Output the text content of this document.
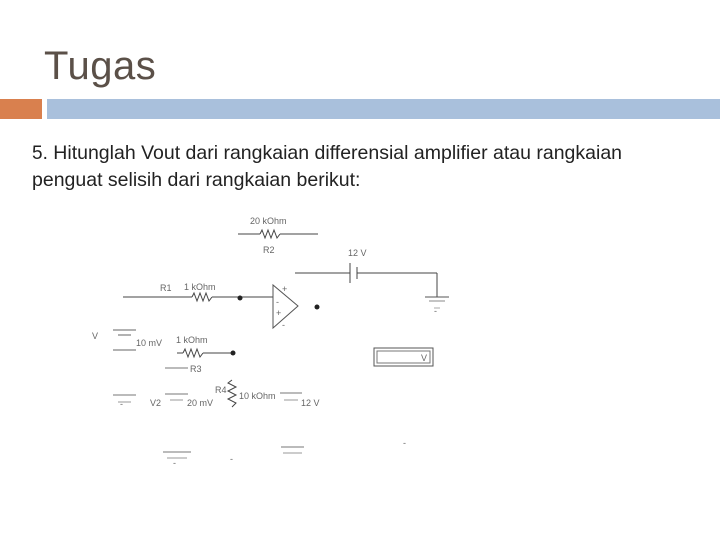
Tugas
5. Hitunglah Vout dari rangkaian differensial amplifier atau rangkaian penguat selisih dari rangkaian berikut:
20 kOhm
R2	12 V
R1 1 kOhm	+
-
+
-
-
V
10 mV 1 kOhm
R3
V
R4
10 kOhm
V2	20 mV	12 V
-
-	-
-
